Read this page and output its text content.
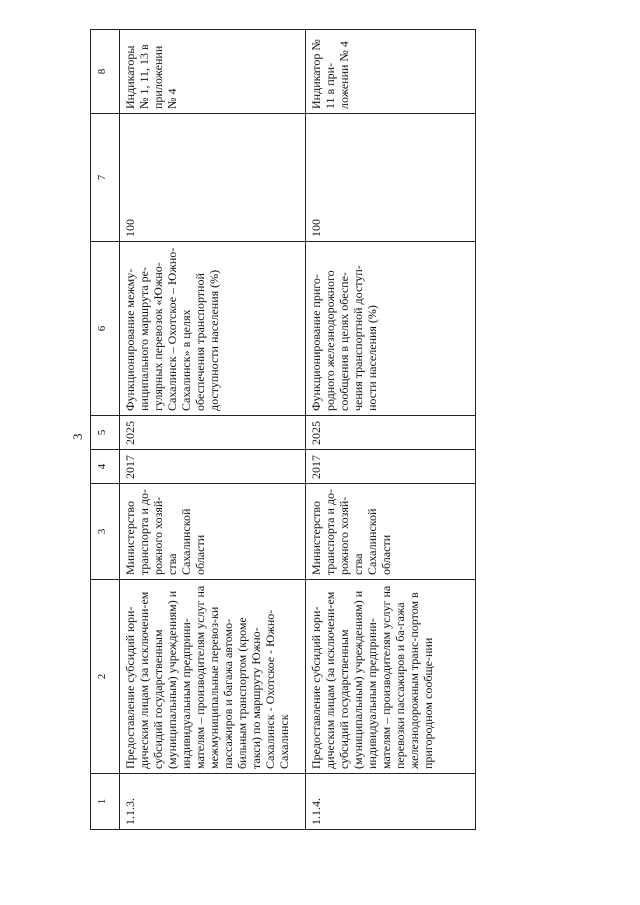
3
1	2	3	4	5	6	7	8
1.1.3.	Предоставление субсидий юри-дическим лицам (за исключени-ем субсидий государственным (муниципальным) учреждениям) и индивидуальным предприни-мателям – производителям услуг на межмуниципальные перевоз-ки пассажиров и багажа автомо-бильным транспортом (кроме такси) по маршруту Южно-Сахалинск - Охотское - Южно-Сахалинск	Министерство транспорта и до-рожного хозяй-ства Сахалинской области	2017	2025	Функционирование межму-ниципального маршрута ре-гулярных перевозок «Южно-Сахалинск – Охотское – Южно-Сахалинск» в целях обеспечения транспортной доступности населения (%)	100	Индикаторы № 1, 11, 13 в приложении № 4
1.1.4.	Предоставление субсидий юри-дическим лицам (за исключени-ем субсидий государственным (муниципальным) учреждениям) и индивидуальным предприни-мателям – производителям услуг на перевозки пассажиров и ба-гажа железнодорожным транс-портом в пригородном сообще-нии	Министерство транспорта и до-рожного хозяй-ства Сахалинской области	2017	2025	Функционирование приго-родного железнодорожного сообщения в целях обеспе-чения транспортной доступ-ности населения (%)	100	Индикатор № 11 в при-ложении № 4
